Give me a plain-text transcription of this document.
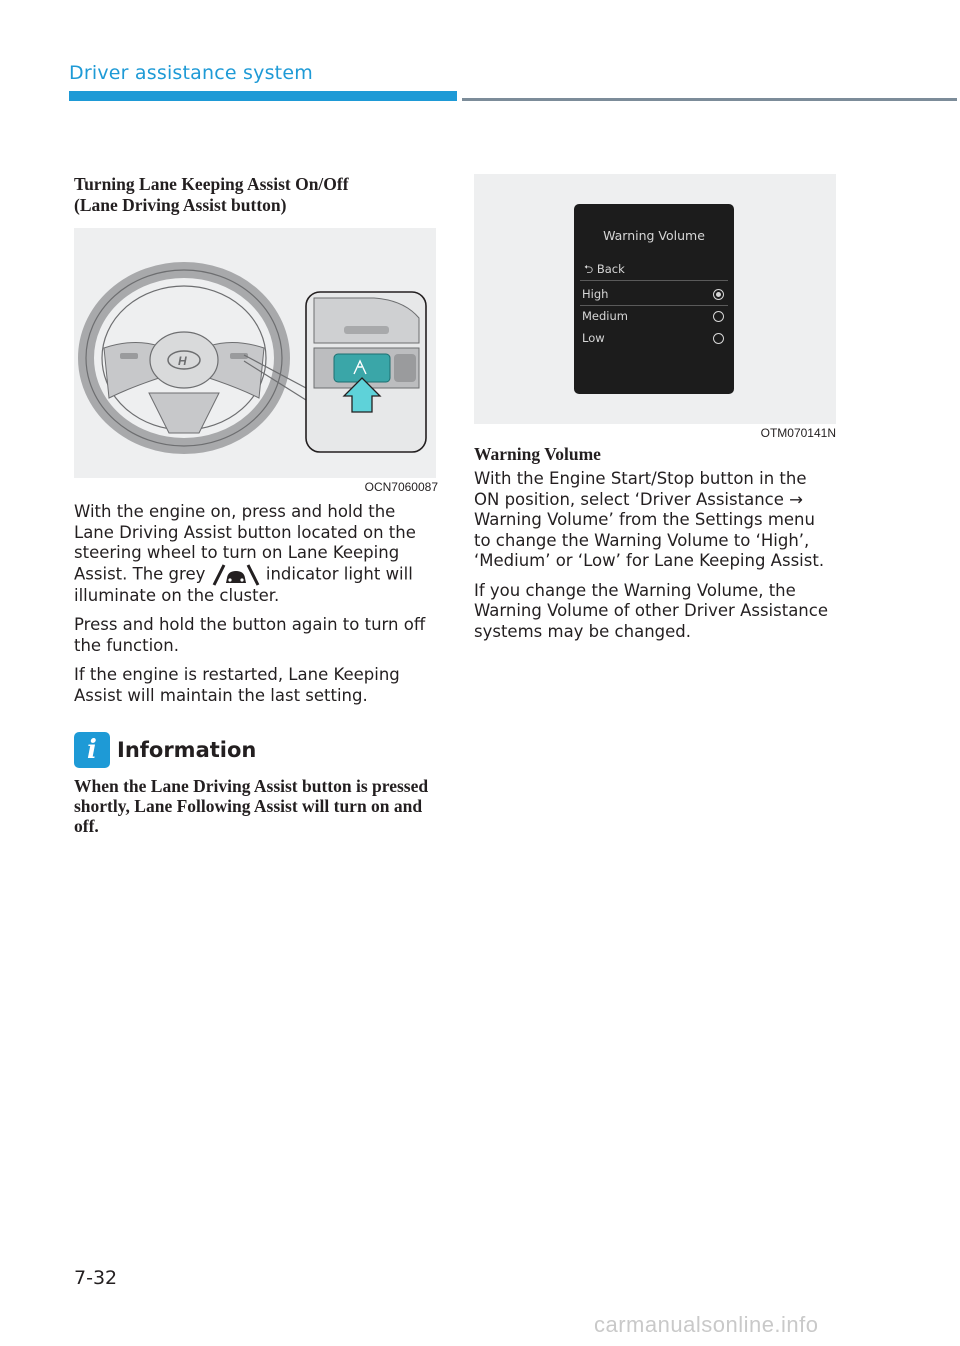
Driver assistance system
Turning Lane Keeping Assist On/Off
(Lane Driving Assist button)
H
OCN7060087

With the engine on, press and hold the Lane Driving Assist button located on the steering wheel to turn on Lane Keeping Assist. The grey	indicator light will illuminate on the cluster.

Press and hold the button again to turn off the function.

If the engine is restarted, Lane Keeping Assist will maintain the last setting.

i Information

When the Lane Driving Assist button is pressed shortly, Lane Following Assist will turn on and off.

Warning Volume
⮌ Back
High
Medium
Low
OTM070141N
Warning Volume

With the Engine Start/Stop button in the ON position, select ‘Driver Assistance → Warning Volume’ from the Settings menu to change the Warning Volume to ‘High’, ‘Medium’ or ‘Low’ for Lane Keeping Assist.

If you change the Warning Volume, the Warning Volume of other Driver Assistance systems may be changed.

7-32
carmanualsonline.info
